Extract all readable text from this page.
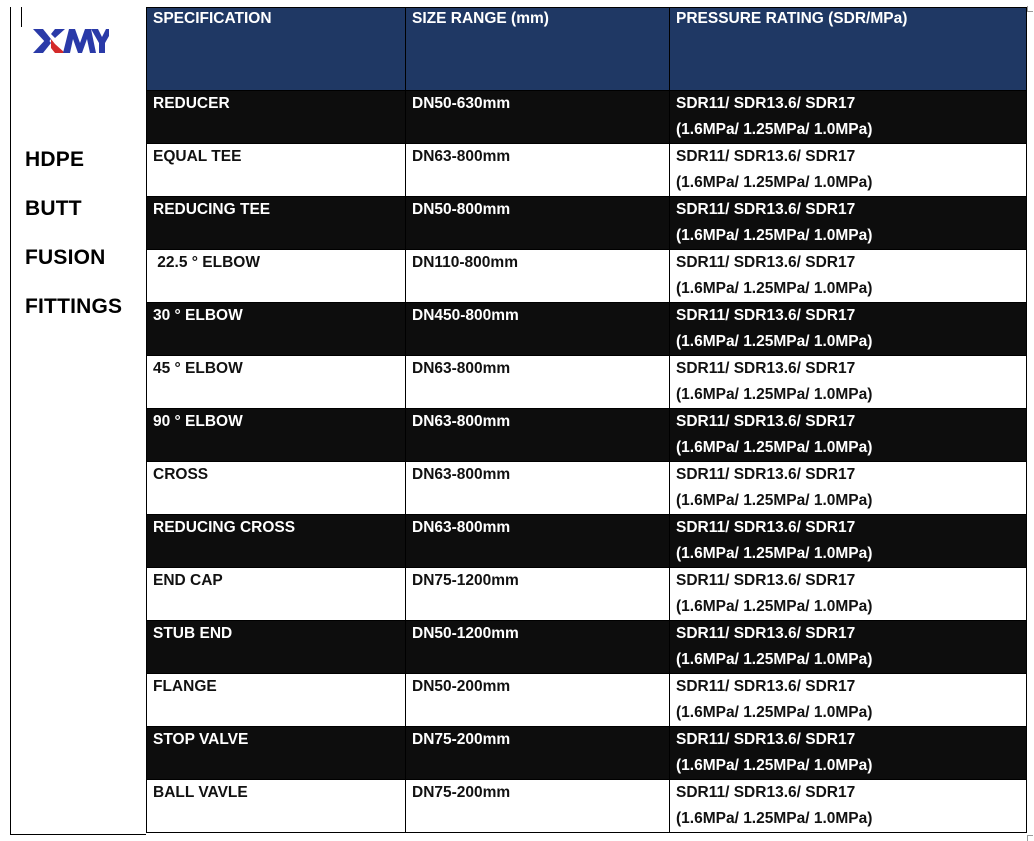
HDPE
BUTT
FUSION
FITTINGS
SPECIFICATION	SIZE RANGE (mm)	PRESSURE RATING (SDR/MPa)
REDUCER	DN50-630mm	SDR11/ SDR13.6/ SDR17
(1.6MPa/ 1.25MPa/ 1.0MPa)

EQUAL TEE	DN63-800mm	SDR11/ SDR13.6/ SDR17
(1.6MPa/ 1.25MPa/ 1.0MPa)

REDUCING TEE	DN50-800mm	SDR11/ SDR13.6/ SDR17
(1.6MPa/ 1.25MPa/ 1.0MPa)

22.5 ° ELBOW	DN110-800mm	SDR11/ SDR13.6/ SDR17
(1.6MPa/ 1.25MPa/ 1.0MPa)

30 ° ELBOW	DN450-800mm	SDR11/ SDR13.6/ SDR17
(1.6MPa/ 1.25MPa/ 1.0MPa)

45 ° ELBOW	DN63-800mm	SDR11/ SDR13.6/ SDR17
(1.6MPa/ 1.25MPa/ 1.0MPa)

90 ° ELBOW	DN63-800mm	SDR11/ SDR13.6/ SDR17
(1.6MPa/ 1.25MPa/ 1.0MPa)

CROSS	DN63-800mm	SDR11/ SDR13.6/ SDR17
(1.6MPa/ 1.25MPa/ 1.0MPa)

REDUCING CROSS	DN63-800mm	SDR11/ SDR13.6/ SDR17
(1.6MPa/ 1.25MPa/ 1.0MPa)

END CAP	DN75-1200mm	SDR11/ SDR13.6/ SDR17
(1.6MPa/ 1.25MPa/ 1.0MPa)

STUB END	DN50-1200mm	SDR11/ SDR13.6/ SDR17
(1.6MPa/ 1.25MPa/ 1.0MPa)

FLANGE	DN50-200mm	SDR11/ SDR13.6/ SDR17
(1.6MPa/ 1.25MPa/ 1.0MPa)

STOP VALVE	DN75-200mm	SDR11/ SDR13.6/ SDR17
(1.6MPa/ 1.25MPa/ 1.0MPa)

BALL VAVLE	DN75-200mm	SDR11/ SDR13.6/ SDR17
(1.6MPa/ 1.25MPa/ 1.0MPa)
